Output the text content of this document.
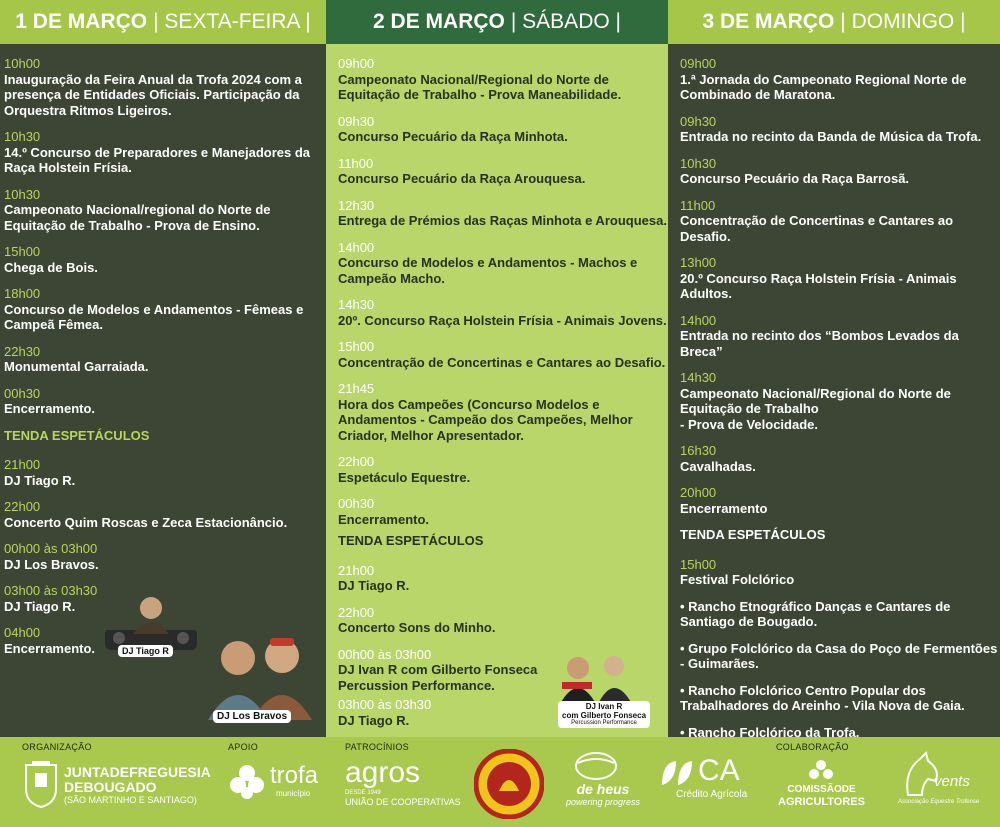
1 DE MARÇO | SEXTA-FEIRA |
10h00
Inauguração da Feira Anual da Trofa 2024 com a presença de Entidades Oficiais. Participação da Orquestra Ritmos Ligeiros.
10h30
14.º Concurso de Preparadores e Manejadores da Raça Holstein Frísia.
10h30
Campeonato Nacional/regional do Norte de Equitação de Trabalho - Prova de Ensino.
15h00
Chega de Bois.
18h00
Concurso de Modelos e Andamentos - Fêmeas e Campeã Fêmea.
22h30
Monumental Garraiada.
00h30
Encerramento.
TENDA ESPETÁCULOS
21h00
DJ Tiago R.
22h00
Concerto Quim Roscas e Zeca Estacionâncio.
00h00 às 03h00
DJ Los Bravos.
03h00 às 03h30
DJ Tiago R.
04h00
Encerramento.	DJ Tiago R
DJ Los Bravos
2 DE MARÇO | SÁBADO |
09h00
Campeonato Nacional/Regional do Norte de Equitação de Trabalho - Prova Maneabilidade.
09h30
Concurso Pecuário da Raça Minhota.
11h00
Concurso Pecuário da Raça Arouquesa.
12h30
Entrega de Prémios das Raças Minhota e Arouquesa.
14h00
Concurso de Modelos e Andamentos - Machos e Campeão Macho.
14h30
20º. Concurso Raça Holstein Frísia - Animais Jovens.
15h00
Concentração de Concertinas e Cantares ao Desafio.
21h45
Hora dos Campeões (Concurso Modelos e Andamentos - Campeão dos Campeões, Melhor Criador, Melhor Apresentador.
22h00
Espetáculo Equestre.
00h30
Encerramento.
TENDA ESPETÁCULOS
21h00
DJ Tiago R.
22h00
Concerto Sons do Minho.
00h00 às 03h00
DJ Ivan R com Gilberto Fonseca Percussion Performance.
03h00 às 03h30
DJ Tiago R.
DJ Ivan R
com Gilberto Fonseca
Percussion Performance
3 DE MARÇO | DOMINGO |
09h00
1.ª Jornada do Campeonato Regional Norte de Combinado de Maratona.
09h30
Entrada no recinto da Banda de Música da Trofa.
10h30
Concurso Pecuário da Raça Barrosã.
11h00
Concentração de Concertinas e Cantares ao Desafio.
13h00
20.º Concurso Raça Holstein Frísia - Animais Adultos.
14h00
Entrada no recinto dos “Bombos Levados da Breca”
14h30
Campeonato Nacional/Regional do Norte de Equitação de Trabalho
- Prova de Velocidade.
16h30
Cavalhadas.
20h00
Encerramento
TENDA ESPETÁCULOS
15h00
Festival Folclórico
• Rancho Etnográfico Danças e Cantares de Santiago de Bougado.
• Grupo Folclórico da Casa do Poço de Fermentões - Guimarães.
• Rancho Folclórico Centro Popular dos Trabalhadores do Areinho - Vila Nova de Gaia.
• Rancho Folclórico da Trofa.
ORGANIZAÇÃO	APOIO	PATROCÍNIOS	COLABORAÇÃO
JUNTADEFREGUESIA
DEBOUGADO
(SÃO MARTINHO E SANTIAGO)
trofa
município
agros
DESDE 1949
UNIÃO DE COOPERATIVAS
de heus
powering progress
CA
Crédito Agrícola	COMISSÃODE
AGRICULTORES
vents
Associação Equestre Trofense
